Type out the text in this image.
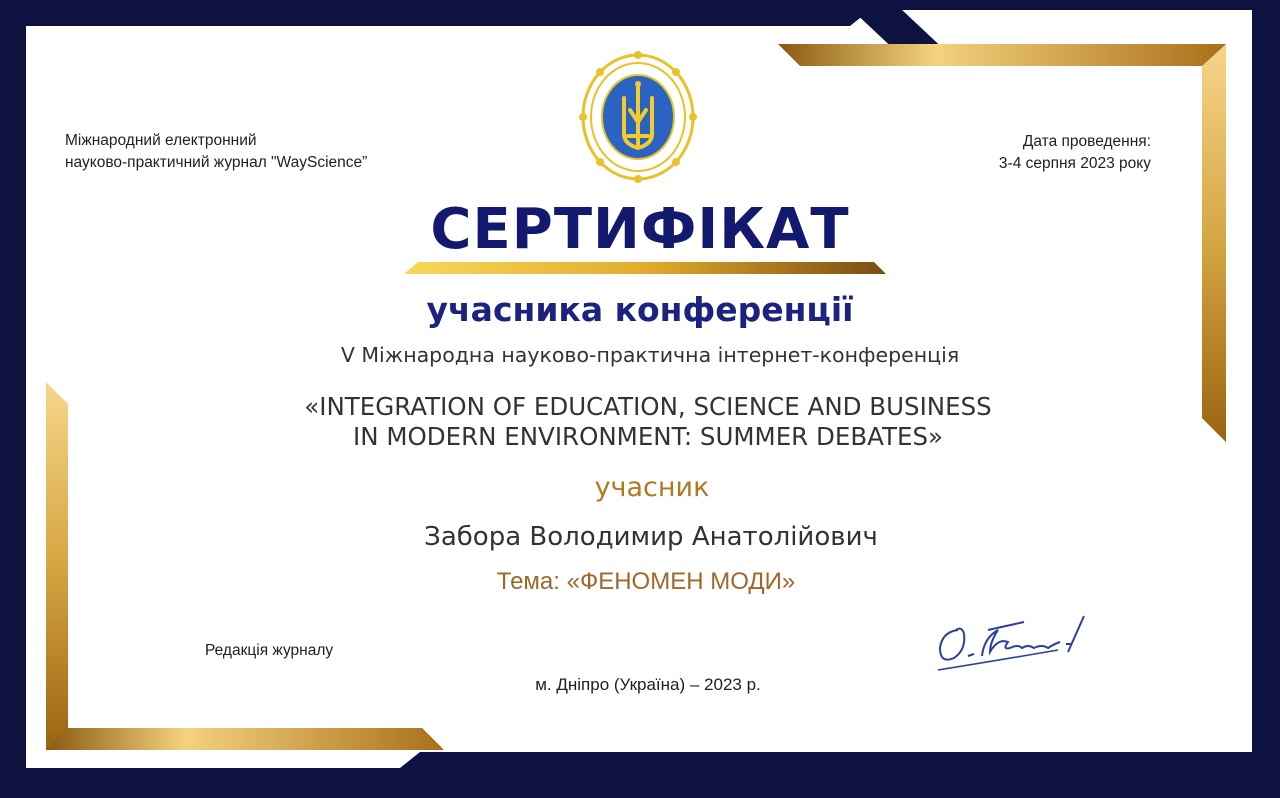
Міжнародний електронний
науково-практичний журнал "WayScience”

Дата проведення:
3-4 серпня 2023 року

СЕРТИФІКАТ
учасника конференції

V Міжнародна науково-практична інтернет-конференція

«INTEGRATION OF EDUCATION, SCIENCE AND BUSINESS
IN MODERN ENVIRONMENT: SUMMER DEBATES»

учасник

Забора Володимир Анатолійович

Тема: «ФЕНОМЕН МОДИ»

Редакція журналу

м. Дніпро (Україна) – 2023 р.
